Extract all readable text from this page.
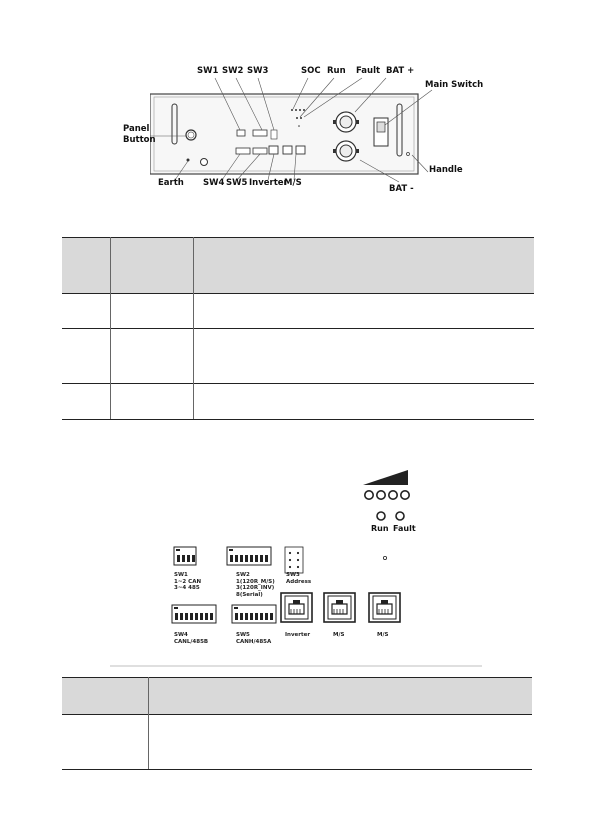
SW1 SW2 SW3	SOC Run Fault BAT +
Main Switch
Panel
Button
Handle
Earth SW4 SW5 Inverter
M/S
BAT -
Run Fault
SW1
1~2 CAN
3~4 485
SW2
1(120R_M/S)
3(120R_INV)
8(Serial)
SW3
Address
SW4
CANL/485B
SW5
CANH/485A
Inverter	M/S	M/S
